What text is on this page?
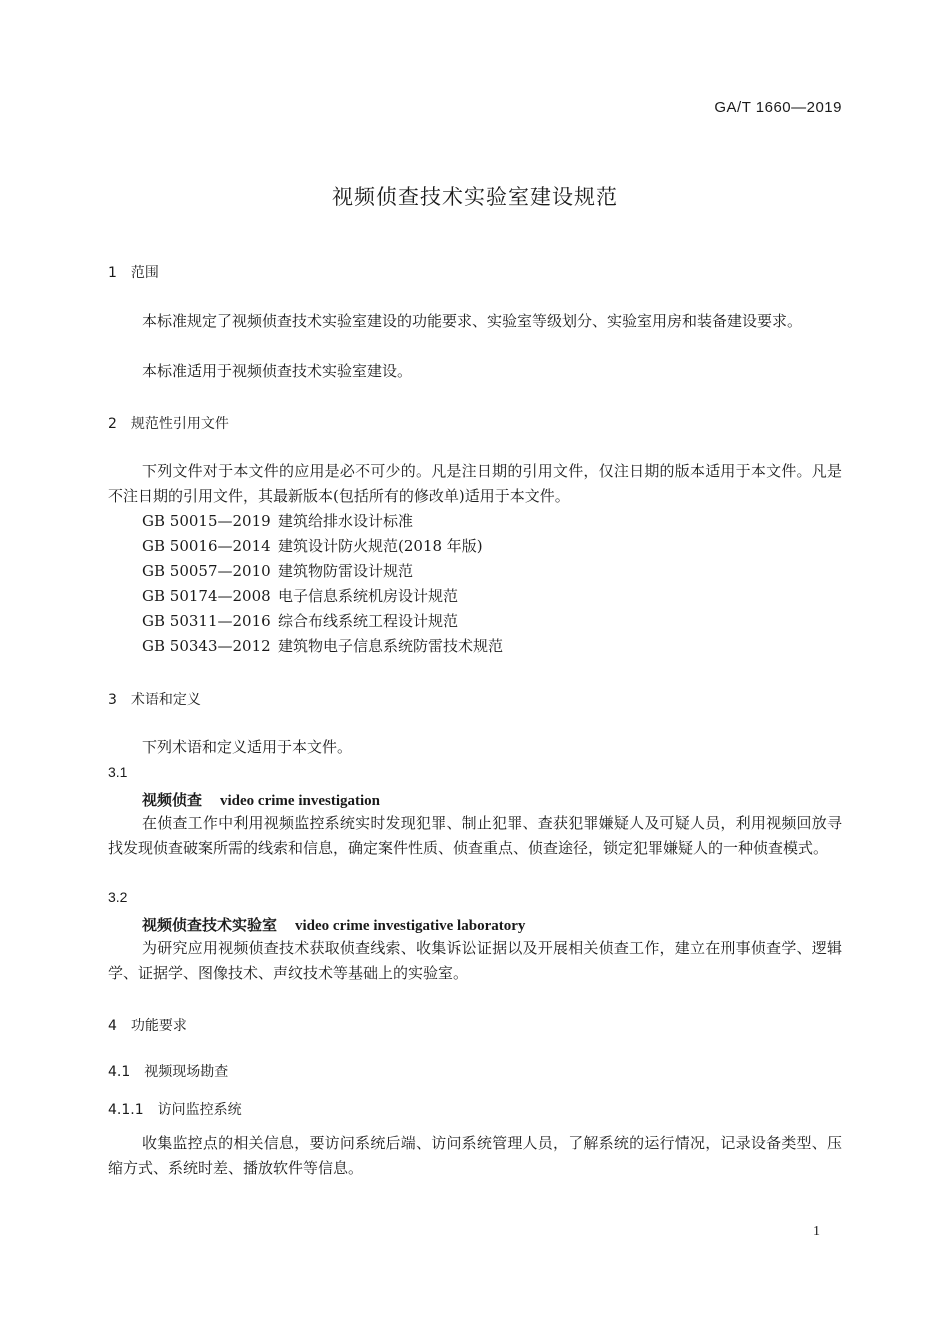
GA/T 1660—2019
视频侦查技术实验室建设规范
1 范围
本标准规定了视频侦查技术实验室建设的功能要求、实验室等级划分、实验室用房和装备建设要求。
本标准适用于视频侦查技术实验室建设。
2 规范性引用文件
下列文件对于本文件的应用是必不可少的。凡是注日期的引用文件，仅注日期的版本适用于本文件。凡是不注日期的引用文件，其最新版本(包括所有的修改单)适用于本文件。
GB 50015—2019 建筑给排水设计标准
GB 50016—2014 建筑设计防火规范(2018 年版)
GB 50057—2010 建筑物防雷设计规范
GB 50174—2008 电子信息系统机房设计规范
GB 50311—2016 综合布线系统工程设计规范
GB 50343—2012 建筑物电子信息系统防雷技术规范
3 术语和定义
下列术语和定义适用于本文件。
3.1
视频侦查 video crime investigation
在侦查工作中利用视频监控系统实时发现犯罪、制止犯罪、查获犯罪嫌疑人及可疑人员，利用视频回放寻找发现侦查破案所需的线索和信息，确定案件性质、侦查重点、侦查途径，锁定犯罪嫌疑人的一种侦查模式。
3.2
视频侦查技术实验室 video crime investigative laboratory
为研究应用视频侦查技术获取侦查线索、收集诉讼证据以及开展相关侦查工作，建立在刑事侦查学、逻辑学、证据学、图像技术、声纹技术等基础上的实验室。
4 功能要求
4.1 视频现场勘查
4.1.1 访问监控系统
收集监控点的相关信息，要访问系统后端、访问系统管理人员，了解系统的运行情况，记录设备类型、压缩方式、系统时差、播放软件等信息。
1
